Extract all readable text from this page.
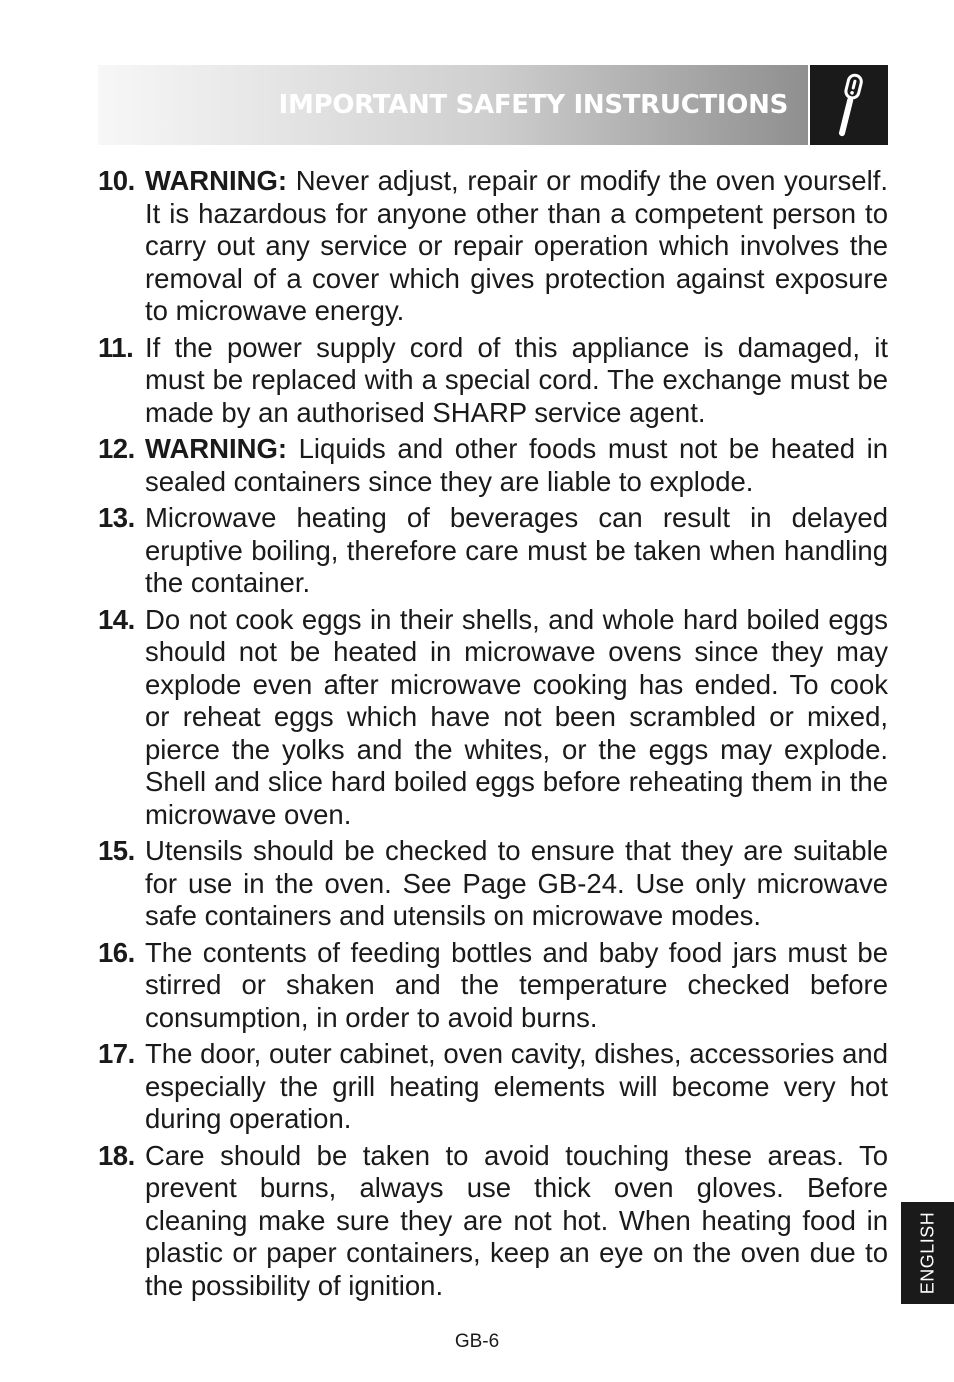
IMPORTANT SAFETY INSTRUCTIONS
10. WARNING: Never adjust, repair or modify the oven yourself. It is hazardous for anyone other than a competent person to carry out any service or repair operation which involves the removal of a cover which gives protection against exposure to microwave energy.
11. If the power supply cord of this appliance is damaged, it must be replaced with a special cord. The exchange must be made by an authorised SHARP service agent.
12. WARNING: Liquids and other foods must not be heated in sealed containers since they are liable to explode.
13. Microwave heating of beverages can result in delayed eruptive boiling, therefore care must be taken when handling the container.
14. Do not cook eggs in their shells, and whole hard boiled eggs should not be heated in microwave ovens since they may explode even after microwave cooking has ended. To cook or reheat eggs which have not been scrambled or mixed, pierce the yolks and the whites, or the eggs may explode. Shell and slice hard boiled eggs before reheating them in the microwave oven.
15. Utensils should be checked to ensure that they are suitable for use in the oven. See Page GB-24. Use only microwave safe containers and utensils on microwave modes.
16. The contents of feeding bottles and baby food jars must be stirred or shaken and the temperature checked before consumption, in order to avoid burns.
17. The door, outer cabinet, oven cavity, dishes, accessories and especially the grill heating elements will become very hot during operation.
18. Care should be taken to avoid touching these areas. To prevent burns, always use thick oven gloves. Before cleaning make sure they are not hot. When heating food in plastic or paper containers, keep an eye on the oven due to the possibility of ignition.
GB-6
ENGLISH
